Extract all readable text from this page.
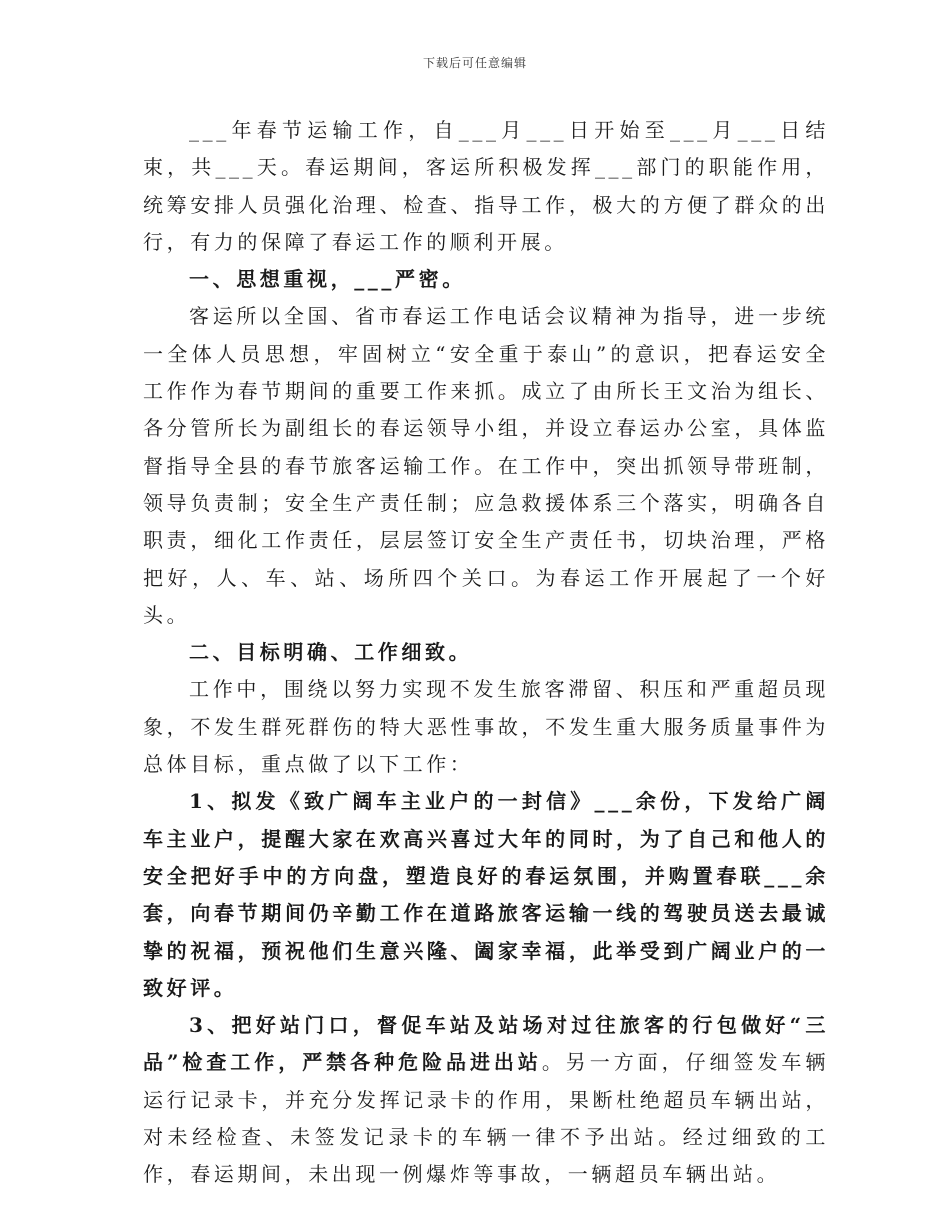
下载后可任意编辑

___年春节运输工作，自___月___日开始至___月___日结束，共___天。春运期间，客运所积极发挥___部门的职能作用，统筹安排人员强化治理、检查、指导工作，极大的方便了群众的出行，有力的保障了春运工作的顺利开展。

一、思想重视，___严密。

客运所以全国、省市春运工作电话会议精神为指导，进一步统一全体人员思想，牢固树立“安全重于泰山”的意识，把春运安全工作作为春节期间的重要工作来抓。成立了由所长王文治为组长、各分管所长为副组长的春运领导小组，并设立春运办公室，具体监督指导全县的春节旅客运输工作。在工作中，突出抓领导带班制，领导负责制；安全生产责任制；应急救援体系三个落实，明确各自职责，细化工作责任，层层签订安全生产责任书，切块治理，严格把好，人、车、站、场所四个关口。为春运工作开展起了一个好头。

二、目标明确、工作细致。

工作中，围绕以努力实现不发生旅客滞留、积压和严重超员现象，不发生群死群伤的特大恶性事故，不发生重大服务质量事件为总体目标，重点做了以下工作：

1、拟发《致广阔车主业户的一封信》___余份，下发给广阔车主业户，提醒大家在欢高兴喜过大年的同时，为了自己和他人的安全把好手中的方向盘，塑造良好的春运氛围，并购置春联___余套，向春节期间仍辛勤工作在道路旅客运输一线的驾驶员送去最诚挚的祝福，预祝他们生意兴隆、阖家幸福，此举受到广阔业户的一致好评。

3、把好站门口，督促车站及站场对过往旅客的行包做好“三品”检查工作，严禁各种危险品进出站。另一方面，仔细签发车辆运行记录卡，并充分发挥记录卡的作用，果断杜绝超员车辆出站，对未经检查、未签发记录卡的车辆一律不予出站。经过细致的工作，春运期间，未出现一例爆炸等事故，一辆超员车辆出站。
